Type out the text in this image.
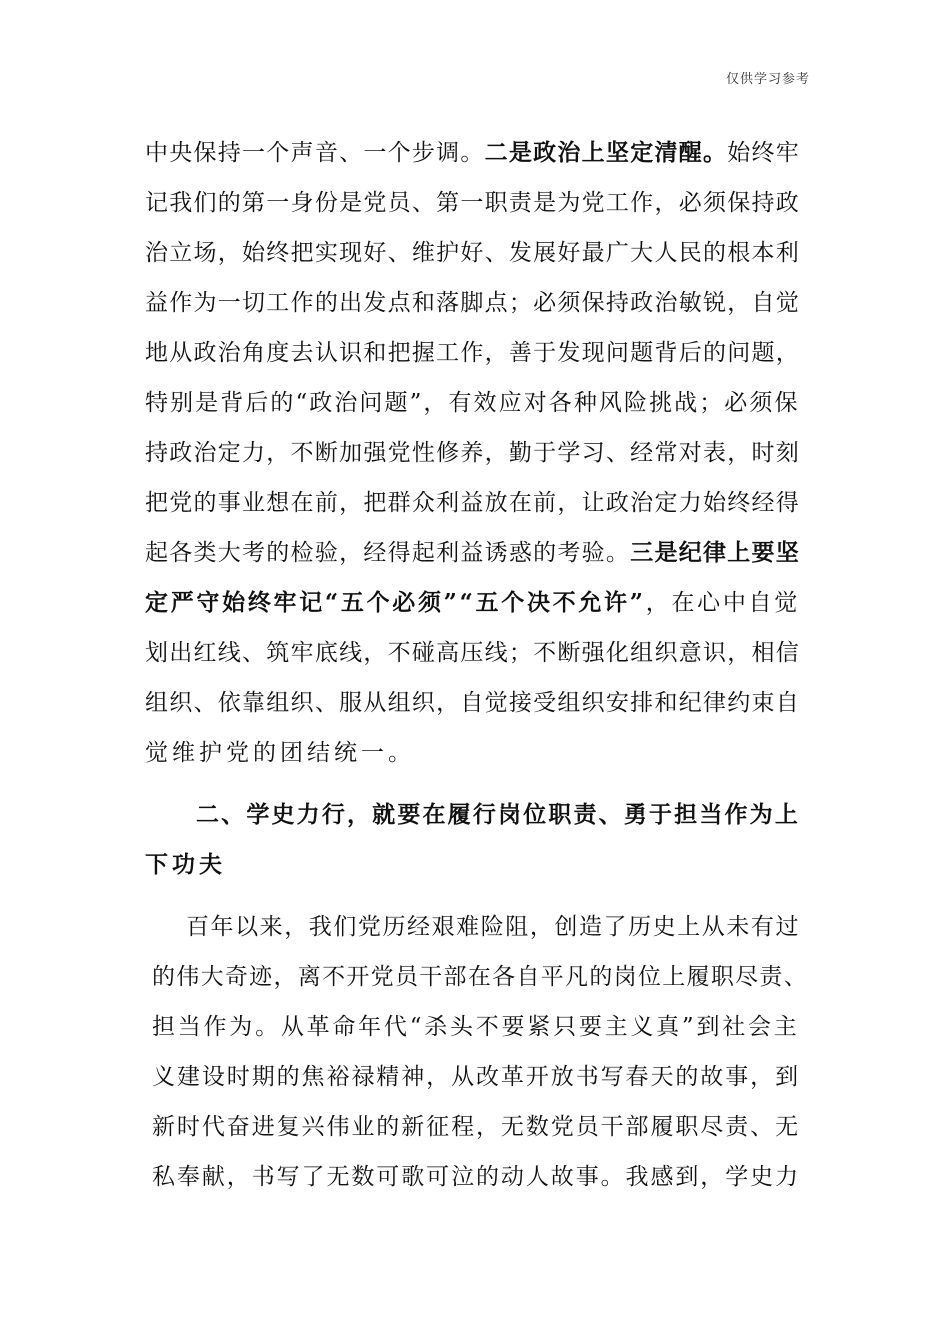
仅供学习参考
中央保持一个声音、一个步调。二是政治上坚定清醒。始终牢
记我们的第一身份是党员、第一职责是为党工作，必须保持政
治立场，始终把实现好、维护好、发展好最广大人民的根本利
益作为一切工作的出发点和落脚点；必须保持政治敏锐，自觉
地从政治角度去认识和把握工作，善于发现问题背后的问题，
特别是背后的“政治问题”，有效应对各种风险挑战；必须保
持政治定力，不断加强党性修养，勤于学习、经常对表，时刻
把党的事业想在前，把群众利益放在前，让政治定力始终经得
起各类大考的检验，经得起利益诱惑的考验。三是纪律上要坚
定严守始终牢记“五个必须”“五个决不允许”，在心中自觉
划出红线、筑牢底线，不碰高压线；不断强化组织意识，相信
组织、依靠组织、服从组织，自觉接受组织安排和纪律约束自
觉维护党的团结统一。
二、学史力行，就要在履行岗位职责、勇于担当作为上
下功夫
百年以来，我们党历经艰难险阻，创造了历史上从未有过
的伟大奇迹，离不开党员干部在各自平凡的岗位上履职尽责、
担当作为。从革命年代“杀头不要紧只要主义真”到社会主
义建设时期的焦裕禄精神，从改革开放书写春天的故事，到
新时代奋进复兴伟业的新征程，无数党员干部履职尽责、无
私奉献，书写了无数可歌可泣的动人故事。我感到，学史力
